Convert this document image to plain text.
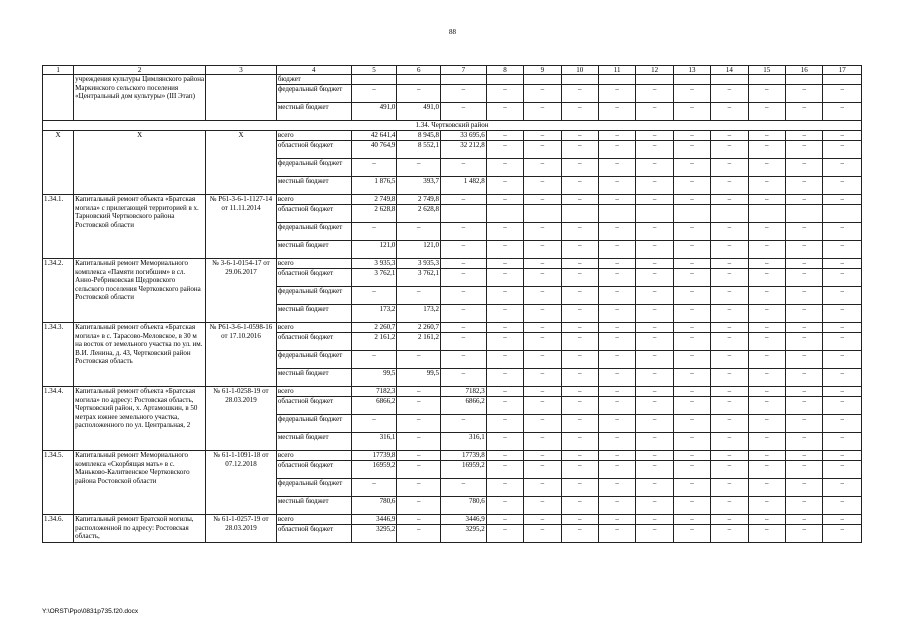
88
1	2	3	4	5	6	7	8	9	10	11	12	13	14	15	16	17
	учреждения культуры Цимлянского района Маркинского сельского поселения «Центральный дом культуры» (III Этап)		бюджет													
			федеральный бюджет	–	–	–	–	–	–	–	–	–	–	–	–	–
			местный бюджет	491,0	491,0	–	–	–	–	–	–	–	–	–	–	–
1.34. Чертковский район																
Х	Х	Х	всего	42 641,4	8 945,8	33 695,6	–	–	–	–	–	–	–	–	–	–
			областной бюджет	40 764,9	8 552,1	32 212,8	–	–	–	–	–	–	–	–	–	–
			федеральный бюджет	–	–	–	–	–	–	–	–	–	–	–	–	–
			местный бюджет	1 876,5	393,7	1 482,8	–	–	–	–	–	–	–	–	–	–
1.34.1.	Капитальный ремонт объекта «Братская могила» с прилегающей территорией в х. Тарновский Чертковского района Ростовской области	№ Р61-3-6-1-1127-14 от 11.11.2014	всего	2 749,8	2 749,8	–	–	–	–	–	–	–	–	–	–	–
			областной бюджет	2 628,8	2 628,8											
			федеральный бюджет	–	–	–	–	–	–	–	–	–	–	–	–	–
			местный бюджет	121,0	121,0	–	–	–	–	–	–	–	–	–	–	–
1.34.2.	Капитальный ремонт Мемориального комплекса «Памяти погибшим» в сл. Анно-Ребриковская Щедровского сельского поселения Чертковского района Ростовской области	№ 3-6-1-0154-17 от 29.06.2017	всего	3 935,3	3 935,3	–	–	–	–	–	–	–	–	–	–	–
			областной бюджет	3 762,1	3 762,1	–	–	–	–	–	–	–	–	–	–	–
			федеральный бюджет	–	–	–	–	–	–	–	–	–	–	–	–	–
			местный бюджет	173,2	173,2	–	–	–	–	–	–	–	–	–	–	–
1.34.3.	Капитальный ремонт объекта «Братская могила» в с. Тарасово-Меловское, в 30 м на восток от земельного участка по ул. им. В.И. Ленина, д. 43, Чертковский район Ростовская область	№ Р61-3-6-1-0598-16 от 17.10.2016	всего	2 260,7	2 260,7	–	–	–	–	–	–	–	–	–	–	–
			областной бюджет	2 161,2	2 161,2	–	–	–	–	–	–	–	–	–	–	–
			федеральный бюджет	–	–	–	–	–	–	–	–	–	–	–	–	–
			местный бюджет	99,5	99,5	–	–	–	–	–	–	–	–	–	–	–
1.34.4.	Капитальный ремонт объекта «Братская могила» по адресу: Ростовская область, Чертковский район, х. Артамошкин, в 50 метрах южнее земельного участка, расположенного по ул. Центральная, 2	№ 61-1-0258-19 от 28.03.2019	всего	7182,3	–	7182,3	–	–	–	–	–	–	–	–	–	–
			областной бюджет	6866,2	–	6866,2	–	–	–	–	–	–	–	–	–	–
			федеральный бюджет	–	–	–	–	–	–	–	–	–	–	–	–	–
			местный бюджет	316,1	–	316,1	–	–	–	–	–	–	–	–	–	–
1.34.5.	Капитальный ремонт Мемориального комплекса «Скорбящая мать» в с. Маньково-Калитвенское Чертковского района Ростовской области	№ 61-1-1091-18 от 07.12.2018	всего	17739,8	–	17739,8	–	–	–	–	–	–	–	–	–	–
			областной бюджет	16959,2	–	16959,2	–	–	–	–	–	–	–	–	–	–
			федеральный бюджет	–	–	–	–	–	–	–	–	–	–	–	–	–
			местный бюджет	780,6	–	780,6	–	–	–	–	–	–	–	–	–	–
1.34.6.	Капитальный ремонт Братской могилы, расположенной по адресу: Ростовская область,	№ 61-1-0257-19 от 28.03.2019	всего	3446,9	–	3446,9	–	–	–	–	–	–	–	–	–	–
			областной бюджет	3295,2	–	3295,2	–	–	–	–	–	–	–	–	–	–
Y:\ORST\Ppo\0831p735.f20.docx
